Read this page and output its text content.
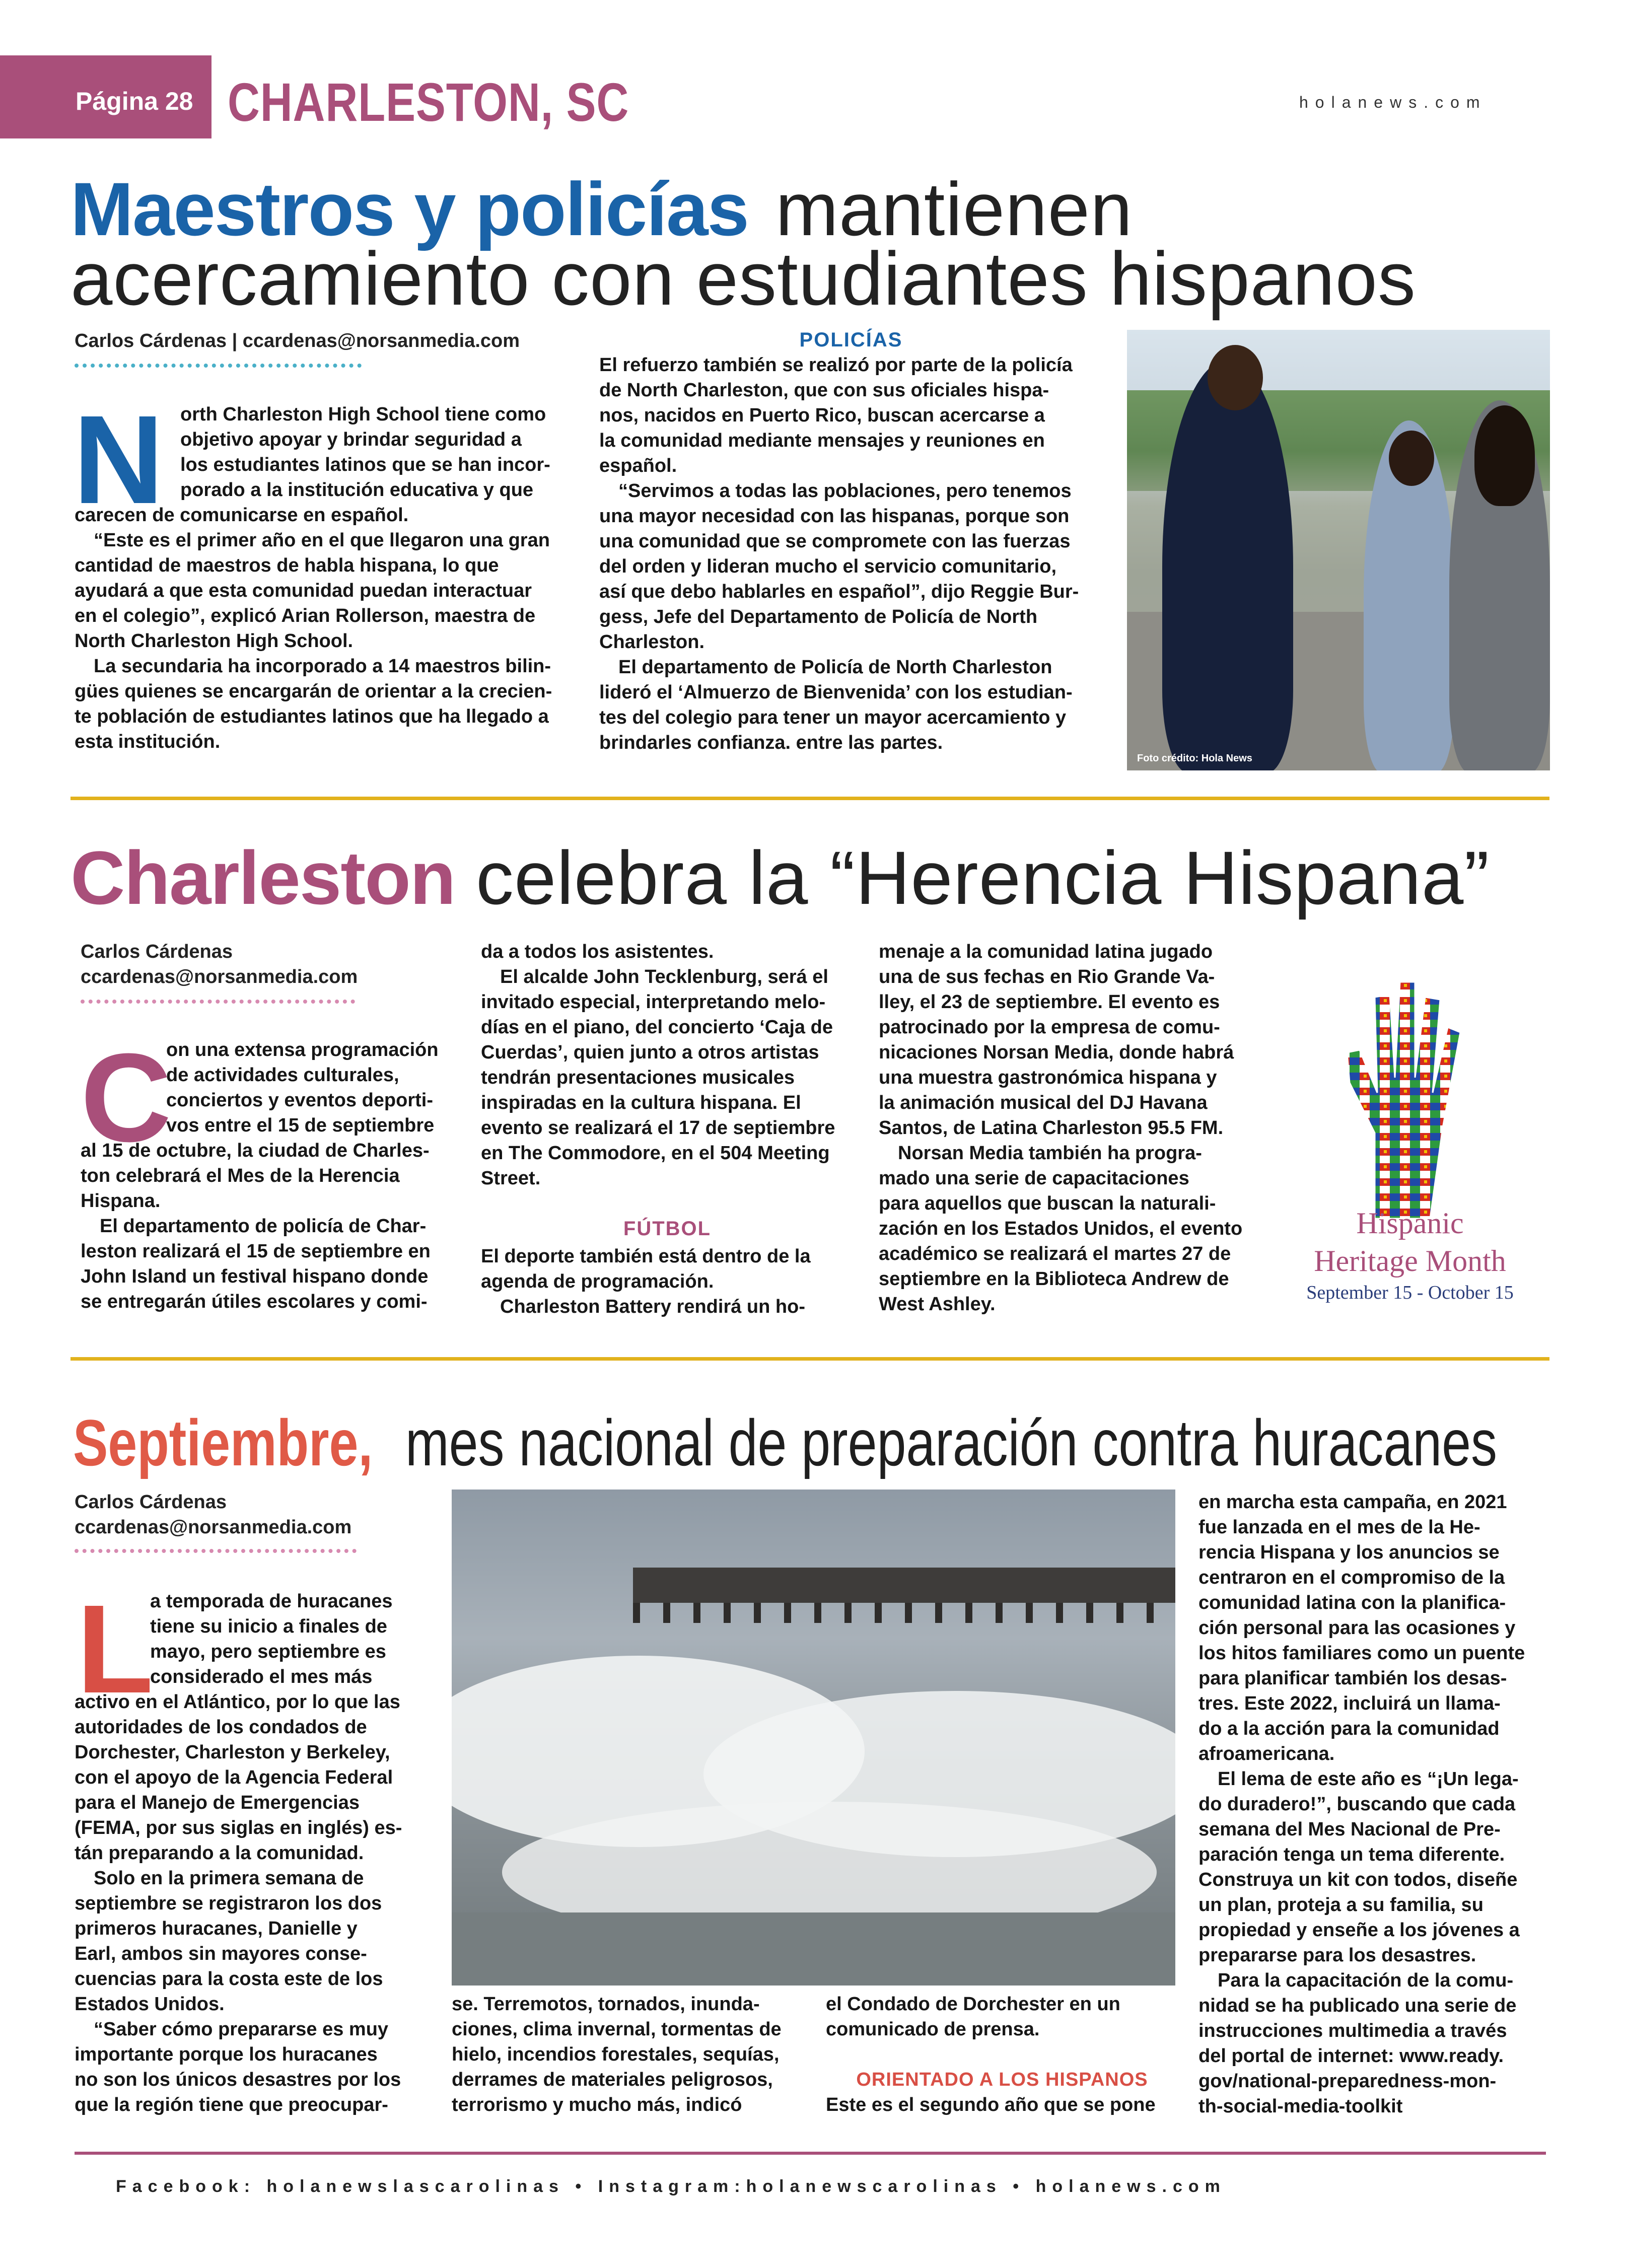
Página 28 CHARLESTON, SC	holanews.com
Maestros y policías mantienen
acercamiento con estudiantes hispanos
Carlos Cárdenas | ccardenas@norsanmedia.com
N orth Charleston High School tiene como
objetivo apoyar y brindar seguridad a
los estudiantes latinos que se han incor-
porado a la institución educativa y que
carecen de comunicarse en español.
“Este es el primer año en el que llegaron una gran
cantidad de maestros de habla hispana, lo que
ayudará a que esta comunidad puedan interactuar
en el colegio”, explicó Arian Rollerson, maestra de
North Charleston High School.
La secundaria ha incorporado a 14 maestros bilin-
gües quienes se encargarán de orientar a la crecien-
te población de estudiantes latinos que ha llegado a
esta institución.
POLICÍAS
El refuerzo también se realizó por parte de la policía
de North Charleston, que con sus oficiales hispa-
nos, nacidos en Puerto Rico, buscan acercarse a
la comunidad mediante mensajes y reuniones en
español.
“Servimos a todas las poblaciones, pero tenemos
una mayor necesidad con las hispanas, porque son
una comunidad que se compromete con las fuerzas
del orden y lideran mucho el servicio comunitario,
así que debo hablarles en español”, dijo Reggie Bur-
gess, Jefe del Departamento de Policía de North
Charleston.
El departamento de Policía de North Charleston
lideró el ‘Almuerzo de Bienvenida’ con los estudian-
tes del colegio para tener un mayor acercamiento y
brindarles confianza. entre las partes.
Foto crédito: Hola News
Charleston celebra la “Herencia Hispana”
Carlos Cárdenas
ccardenas@norsanmedia.com
C
on una extensa programación
de actividades culturales,
conciertos y eventos deporti-
vos entre el 15 de septiembre
al 15 de octubre, la ciudad de Charles-
ton celebrará el Mes de la Herencia
Hispana.
El departamento de policía de Char-
leston realizará el 15 de septiembre en
John Island un festival hispano donde
se entregarán útiles escolares y comi-
da a todos los asistentes.
El alcalde John Tecklenburg, será el
invitado especial, interpretando melo-
días en el piano, del concierto ‘Caja de
Cuerdas’, quien junto a otros artistas
tendrán presentaciones musicales
inspiradas en la cultura hispana. El
evento se realizará el 17 de septiembre
en The Commodore, en el 504 Meeting
Street.
FÚTBOL
El deporte también está dentro de la
agenda de programación.
Charleston Battery rendirá un ho-
menaje a la comunidad latina jugado
una de sus fechas en Rio Grande Va-
lley, el 23 de septiembre. El evento es
patrocinado por la empresa de comu-
nicaciones Norsan Media, donde habrá
una muestra gastronómica hispana y
la animación musical del DJ Havana
Santos, de Latina Charleston 95.5 FM.
Norsan Media también ha progra-
mado una serie de capacitaciones
para aquellos que buscan la naturali-
zación en los Estados Unidos, el evento
académico se realizará el martes 27 de
septiembre en la Biblioteca Andrew de
West Ashley.
Hispanic
Heritage Month
September 15 - October 15
Septiembre, mes nacional de preparación contra huracanes
Carlos Cárdenas
ccardenas@norsanmedia.com
L
a temporada de huracanes
tiene su inicio a finales de
mayo, pero septiembre es
considerado el mes más
activo en el Atlántico, por lo que las
autoridades de los condados de
Dorchester, Charleston y Berkeley,
con el apoyo de la Agencia Federal
para el Manejo de Emergencias
(FEMA, por sus siglas en inglés) es-
tán preparando a la comunidad.
Solo en la primera semana de
septiembre se registraron los dos
primeros huracanes, Danielle y
Earl, ambos sin mayores conse-
cuencias para la costa este de los
Estados Unidos.
“Saber cómo prepararse es muy
importante porque los huracanes
no son los únicos desastres por los
que la región tiene que preocupar-
se. Terremotos, tornados, inunda-
ciones, clima invernal, tormentas de
hielo, incendios forestales, sequías,
derrames de materiales peligrosos,
terrorismo y mucho más, indicó
el Condado de Dorchester en un
comunicado de prensa.
ORIENTADO A LOS HISPANOS
Este es el segundo año que se pone
en marcha esta campaña, en 2021
fue lanzada en el mes de la He-
rencia Hispana y los anuncios se
centraron en el compromiso de la
comunidad latina con la planifica-
ción personal para las ocasiones y
los hitos familiares como un puente
para planificar también los desas-
tres. Este 2022, incluirá un llama-
do a la acción para la comunidad
afroamericana.
El lema de este año es “¡Un lega-
do duradero!”, buscando que cada
semana del Mes Nacional de Pre-
paración tenga un tema diferente.
Construya un kit con todos, diseñe
un plan, proteja a su familia, su
propiedad y enseñe a los jóvenes a
prepararse para los desastres.
Para la capacitación de la comu-
nidad se ha publicado una serie de
instrucciones multimedia a través
del portal de internet: www.ready.
gov/national-preparedness-mon-
th-social-media-toolkit
Facebook: holanewslascarolinas • Instagram:holanewscarolinas • holanews.com
